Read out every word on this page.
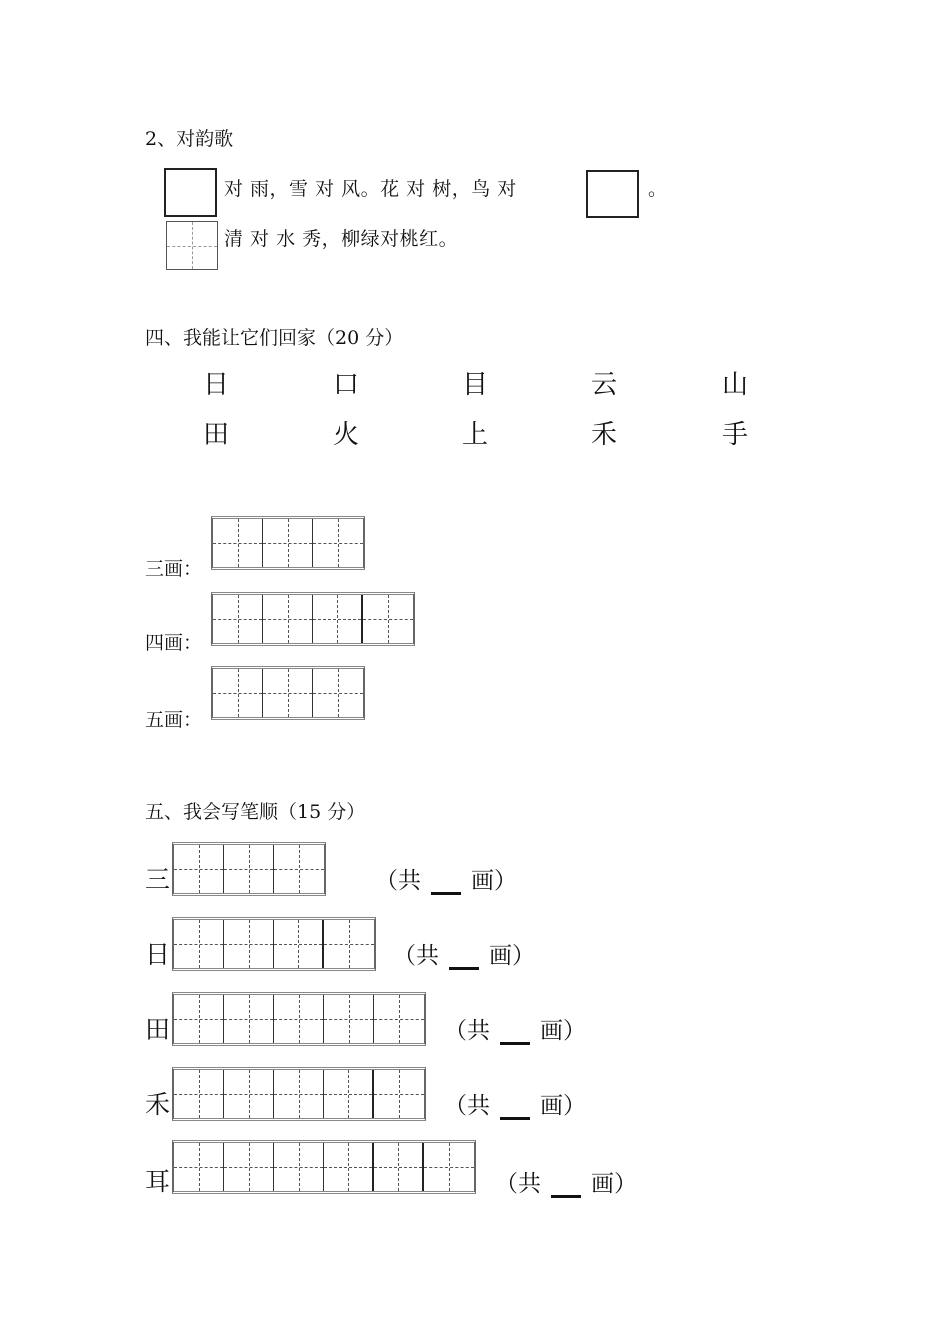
2、对韵歌
对 雨，雪 对 风。花 对 树，鸟 对	。
清 对 水 秀，柳绿对桃红。
四、我能让它们回家（20 分）
日	口	目	云	山
田	火	上	禾	手
三画：
四画：
五画：
五、我会写笔顺（15 分）
三	（共 画）
日	（共 画）
田	（共 画）
禾	（共 画）
耳	（共 画）
